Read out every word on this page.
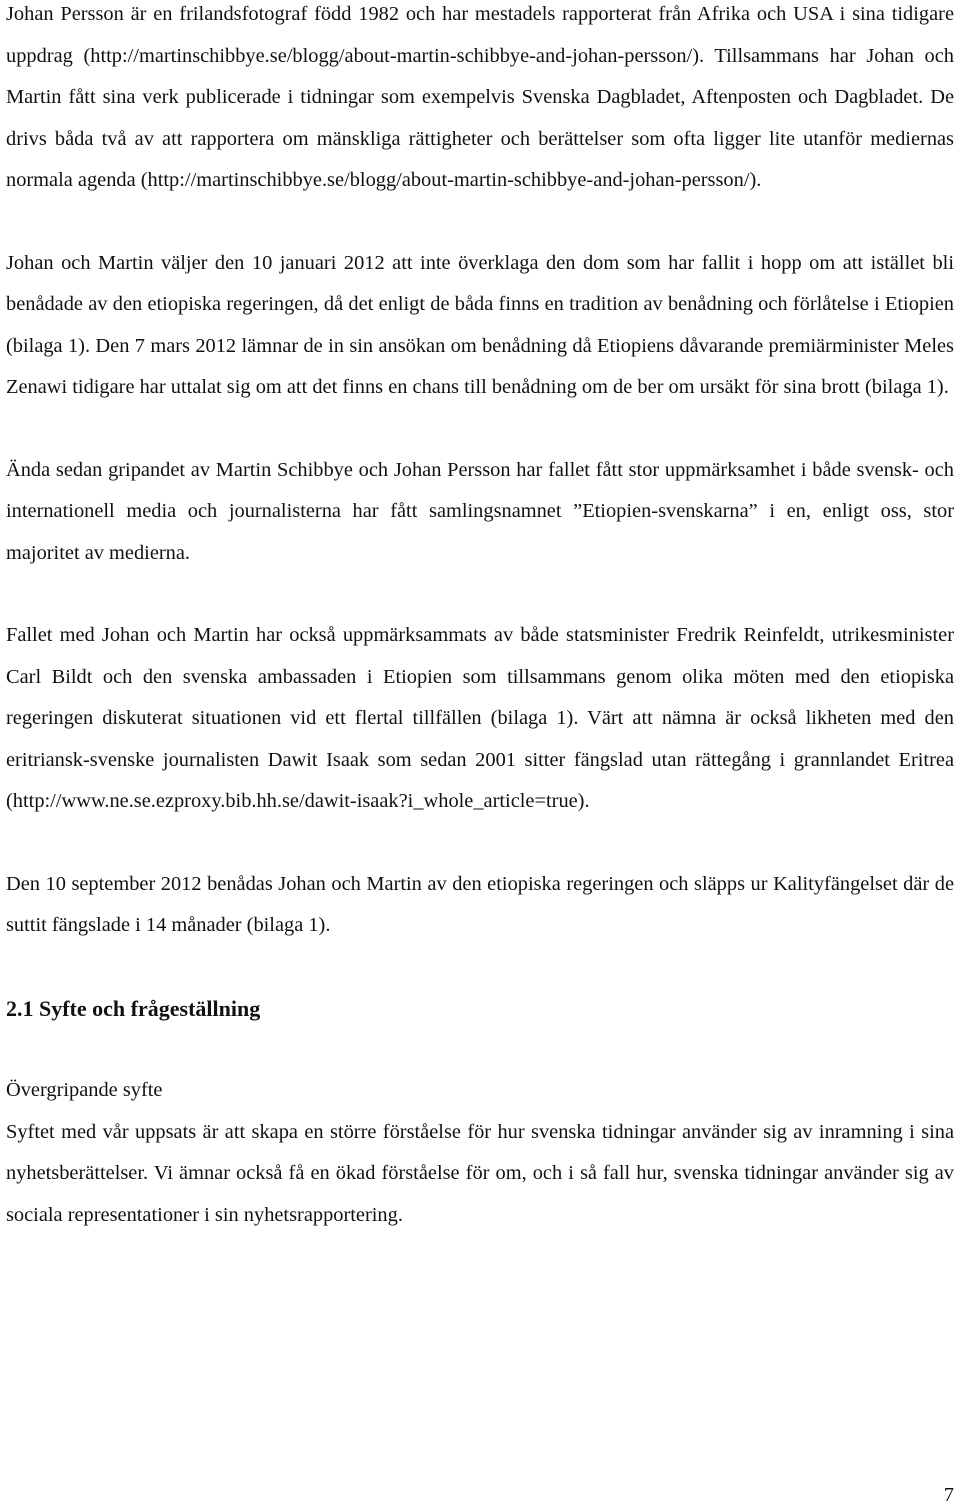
Johan Persson är en frilandsfotograf född 1982 och har mestadels rapporterat från Afrika och USA i sina tidigare uppdrag (http://martinschibbye.se/blogg/about-martin-schibbye-and-johan-persson/). Tillsammans har Johan och Martin fått sina verk publicerade i tidningar som exempelvis Svenska Dagbladet, Aftenposten och Dagbladet. De drivs båda två av att rapportera om mänskliga rättigheter och berättelser som ofta ligger lite utanför mediernas normala agenda (http://martinschibbye.se/blogg/about-martin-schibbye-and-johan-persson/).

Johan och Martin väljer den 10 januari 2012 att inte överklaga den dom som har fallit i hopp om att istället bli benådade av den etiopiska regeringen, då det enligt de båda finns en tradition av benådning och förlåtelse i Etiopien (bilaga 1). Den 7 mars 2012 lämnar de in sin ansökan om benådning då Etiopiens dåvarande premiärminister Meles Zenawi tidigare har uttalat sig om att det finns en chans till benådning om de ber om ursäkt för sina brott (bilaga 1).

Ända sedan gripandet av Martin Schibbye och Johan Persson har fallet fått stor uppmärksamhet i både svensk- och internationell media och journalisterna har fått samlingsnamnet ”Etiopien-svenskarna” i en, enligt oss, stor majoritet av medierna.

Fallet med Johan och Martin har också uppmärksammats av både statsminister Fredrik Reinfeldt, utrikesminister Carl Bildt och den svenska ambassaden i Etiopien som tillsammans genom olika möten med den etiopiska regeringen diskuterat situationen vid ett flertal tillfällen (bilaga 1). Värt att nämna är också likheten med den eritriansk-svenske journalisten Dawit Isaak som sedan 2001 sitter fängslad utan rättegång i grannlandet Eritrea (http://www.ne.se.ezproxy.bib.hh.se/dawit-isaak?i_whole_article=true).

Den 10 september 2012 benådas Johan och Martin av den etiopiska regeringen och släpps ur Kalityfängelset där de suttit fängslade i 14 månader (bilaga 1).

2.1 Syfte och frågeställning
Övergripande syfte

Syftet med vår uppsats är att skapa en större förståelse för hur svenska tidningar använder sig av inramning i sina nyhetsberättelser. Vi ämnar också få en ökad förståelse för om, och i så fall hur, svenska tidningar använder sig av sociala representationer i sin nyhetsrapportering.

7
